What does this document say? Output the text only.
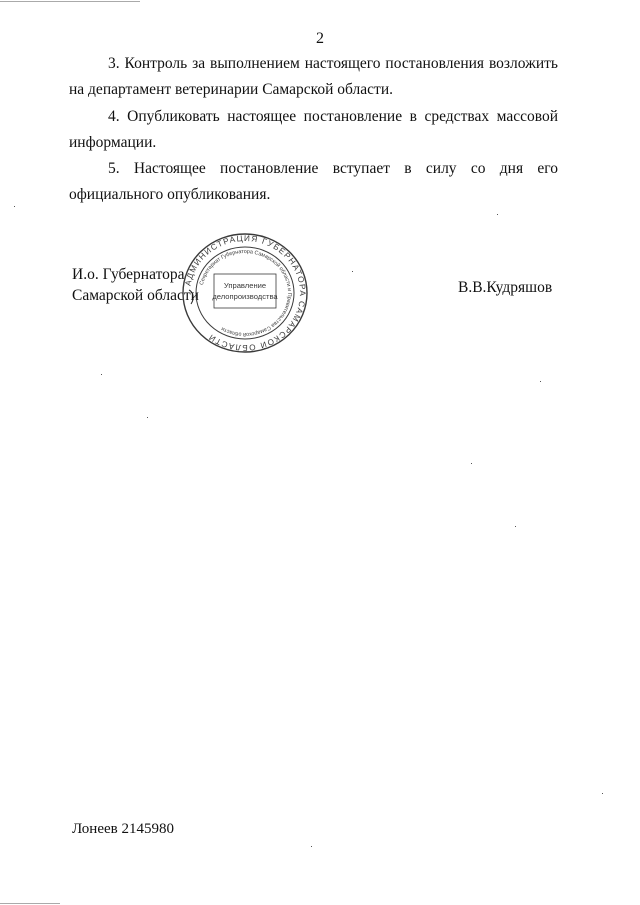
2
3. Контроль за выполнением настоящего постановления возложить
на департамент ветеринарии Самарской области.
4. Опубликовать настоящее постановление в средствах массовой
информации.
5. Настоящее постановление вступает в силу со дня его
официального опубликования.
И.о. Губернатора
Самарской области
АДМИНИСТРАЦИЯ ГУБЕРНАТОРА САМАРСКОЙ ОБЛАСТИ
Секретариат Губернатора Самарской области и Правительства Самарской области
Управление
делопроизводства
В.В.Кудряшов
Лонеев 2145980
